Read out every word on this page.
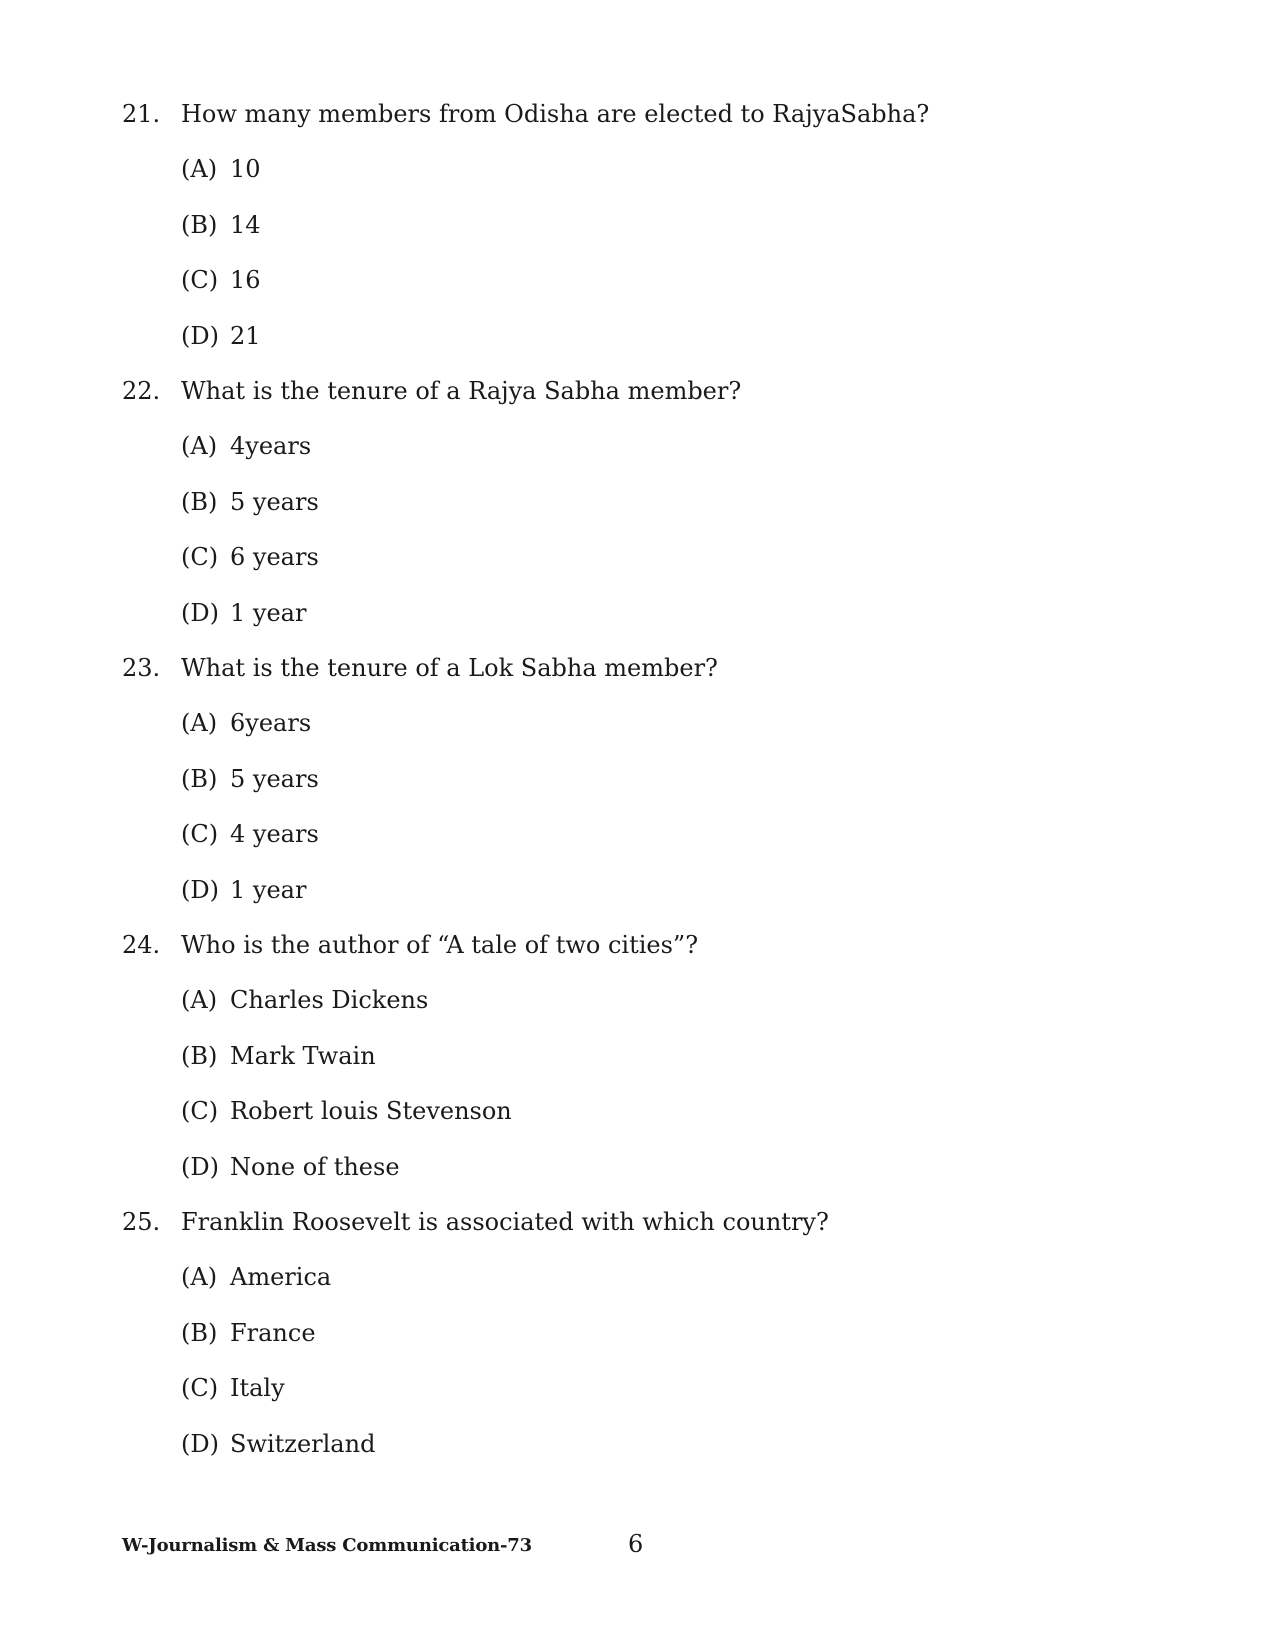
21. How many members from Odisha are elected to RajyaSabha?
(A) 10
(B) 14
(C) 16
(D) 21
22. What is the tenure of a Rajya Sabha member?
(A) 4years
(B) 5 years
(C) 6 years
(D) 1 year
23. What is the tenure of a Lok Sabha member?
(A) 6years
(B) 5 years
(C) 4 years
(D) 1 year
24. Who is the author of “A tale of two cities”?
(A) Charles Dickens
(B) Mark Twain
(C) Robert louis Stevenson
(D) None of these
25. Franklin Roosevelt is associated with which country?
(A) America
(B) France
(C) Italy
(D) Switzerland
W-Journalism & Mass Communication-73	6
